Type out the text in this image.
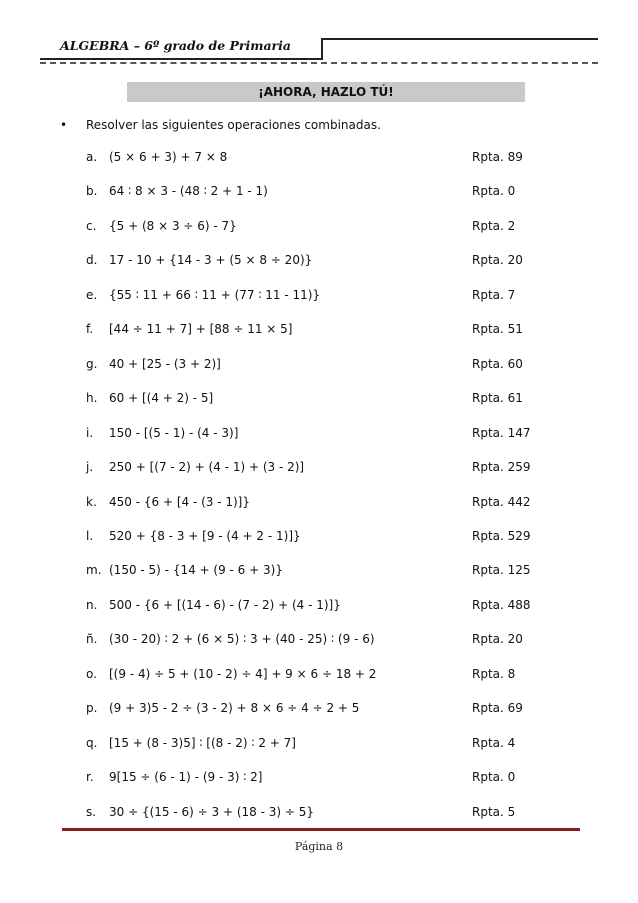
ALGEBRA – 6º grado de Primaria
¡AHORA, HAZLO TÚ!
• Resolver las siguientes operaciones combinadas.
a. (5 × 6 + 3) + 7 × 8	Rpta. 89
b. 64 ∶ 8 × 3 - (48 ∶ 2 + 1 - 1)	Rpta. 0
c. {5 + (8 × 3 ÷ 6) - 7}	Rpta. 2
d. 17 - 10 + {14 - 3 + (5 × 8 ÷ 20)}	Rpta. 20
e. {55 ∶ 11 + 66 ∶ 11 + (77 ∶ 11 - 11)}	Rpta. 7
f. [44 ÷ 11 + 7] + [88 ÷ 11 × 5]	Rpta. 51
g. 40 + [25 - (3 + 2)]	Rpta. 60
h. 60 + [(4 + 2) - 5]	Rpta. 61
i. 150 - [(5 - 1) - (4 - 3)]	Rpta. 147
j. 250 + [(7 - 2) + (4 - 1) + (3 - 2)]	Rpta. 259
k. 450 - {6 + [4 - (3 - 1)]}	Rpta. 442
l. 520 + {8 - 3 + [9 - (4 + 2 - 1)]}	Rpta. 529
m. (150 - 5) - {14 + (9 - 6 + 3)}	Rpta. 125
n. 500 - {6 + [(14 - 6) - (7 - 2) + (4 - 1)]}	Rpta. 488
ñ. (30 - 20) ∶ 2 + (6 × 5) ∶ 3 + (40 - 25) ∶ (9 - 6)	Rpta. 20
o. [(9 - 4) ÷ 5 + (10 - 2) ÷ 4] + 9 × 6 ÷ 18 + 2	Rpta. 8
p. (9 + 3)5 - 2 ÷ (3 - 2) + 8 × 6 ÷ 4 ÷ 2 + 5	Rpta. 69
q. [15 + (8 - 3)5] ∶ [(8 - 2) ∶ 2 + 7]	Rpta. 4
r. 9[15 ÷ (6 - 1) - (9 - 3) ∶ 2]	Rpta. 0
s. 30 ÷ {(15 - 6) ÷ 3 + (18 - 3) ÷ 5}	Rpta. 5
Página 8
